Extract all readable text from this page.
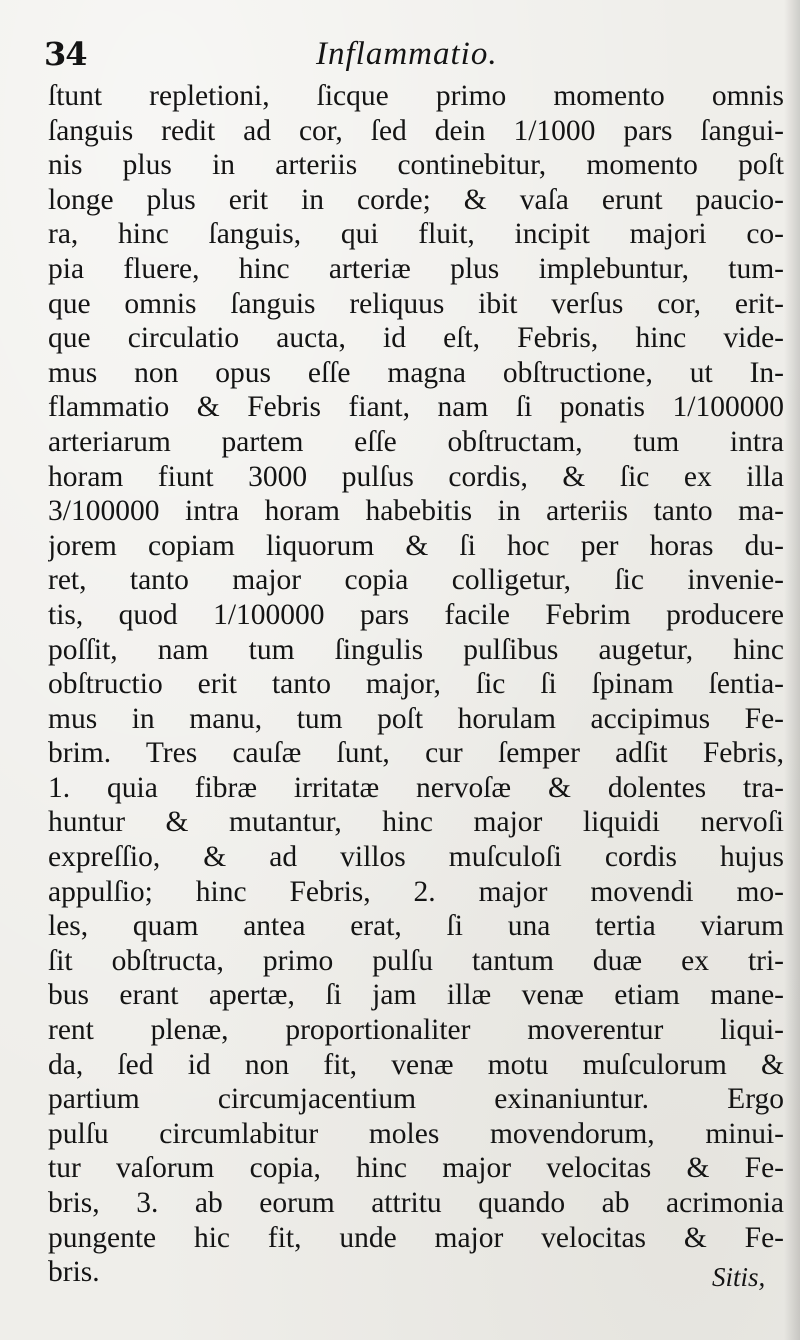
34	Inflammatio.
ſtunt repletioni, ſicque primo momento omnis
ſanguis redit ad cor, ſed dein 1/1000 pars ſangui-
nis plus in arteriis continebitur, momento poſt
longe plus erit in corde; & vaſa erunt paucio-
ra, hinc ſanguis, qui fluit, incipit majori co-
pia fluere, hinc arteriæ plus implebuntur, tum-
que omnis ſanguis reliquus ibit verſus cor, erit-
que circulatio aucta, id eſt, Febris, hinc vide-
mus non opus eſſe magna obſtructione, ut In-
flammatio & Febris fiant, nam ſi ponatis 1/100000
arteriarum partem eſſe obſtructam, tum intra
horam fiunt 3000 pulſus cordis, & ſic ex illa
3/100000 intra horam habebitis in arteriis tanto ma-
jorem copiam liquorum & ſi hoc per horas du-
ret, tanto major copia colligetur, ſic invenie-
tis, quod 1/100000 pars facile Febrim producere
poſſit, nam tum ſingulis pulſibus augetur, hinc
obſtructio erit tanto major, ſic ſi ſpinam ſentia-
mus in manu, tum poſt horulam accipimus Fe-
brim. Tres cauſæ ſunt, cur ſemper adſit Febris,
1. quia fibræ irritatæ nervoſæ & dolentes tra-
huntur & mutantur, hinc major liquidi nervoſi
expreſſio, & ad villos muſculoſi cordis hujus
appulſio; hinc Febris, 2. major movendi mo-
les, quam antea erat, ſi una tertia viarum
ſit obſtructa, primo pulſu tantum duæ ex tri-
bus erant apertæ, ſi jam illæ venæ etiam mane-
rent plenæ, proportionaliter moverentur liqui-
da, ſed id non fit, venæ motu muſculorum &
partium circumjacentium exinaniuntur. Ergo
pulſu circumlabitur moles movendorum, minui-
tur vaſorum copia, hinc major velocitas & Fe-
bris, 3. ab eorum attritu quando ab acrimonia
pungente hic fit, unde major velocitas & Fe-
bris.	Sitis,
